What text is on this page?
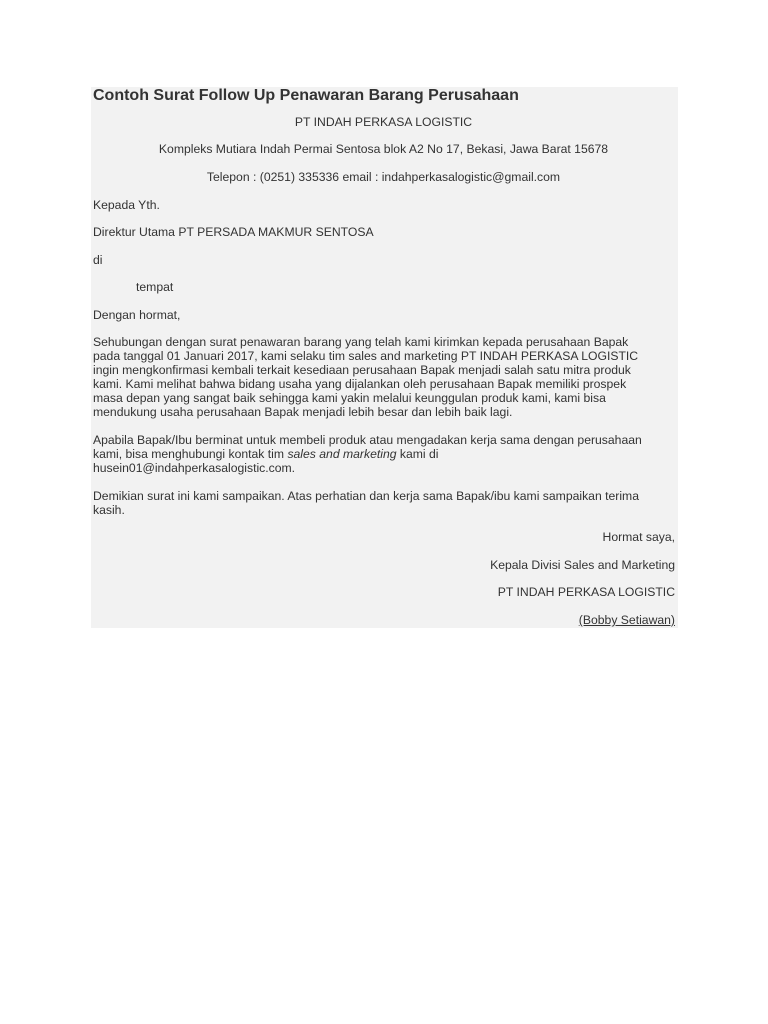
Contoh Surat Follow Up Penawaran Barang Perusahaan
PT INDAH PERKASA LOGISTIC
Kompleks Mutiara Indah Permai Sentosa blok A2 No 17, Bekasi, Jawa Barat 15678
Telepon : (0251) 335336 email : indahperkasalogistic@gmail.com
Kepada Yth.
Direktur Utama PT PERSADA MAKMUR SENTOSA
di
tempat
Dengan hormat,
Sehubungan dengan surat penawaran barang yang telah kami kirimkan kepada perusahaan Bapak
pada tanggal 01 Januari 2017, kami selaku tim sales and marketing PT INDAH PERKASA LOGISTIC
ingin mengkonfirmasi kembali terkait kesediaan perusahaan Bapak menjadi salah satu mitra produk
kami. Kami melihat bahwa bidang usaha yang dijalankan oleh perusahaan Bapak memiliki prospek
masa depan yang sangat baik sehingga kami yakin melalui keunggulan produk kami, kami bisa
mendukung usaha perusahaan Bapak menjadi lebih besar dan lebih baik lagi.
Apabila Bapak/Ibu berminat untuk membeli produk atau mengadakan kerja sama dengan perusahaan
kami, bisa menghubungi kontak tim sales and marketing kami di
husein01@indahperkasalogistic.com.
Demikian surat ini kami sampaikan. Atas perhatian dan kerja sama Bapak/ibu kami sampaikan terima
kasih.
Hormat saya,
Kepala Divisi Sales and Marketing
PT INDAH PERKASA LOGISTIC
(Bobby Setiawan)
